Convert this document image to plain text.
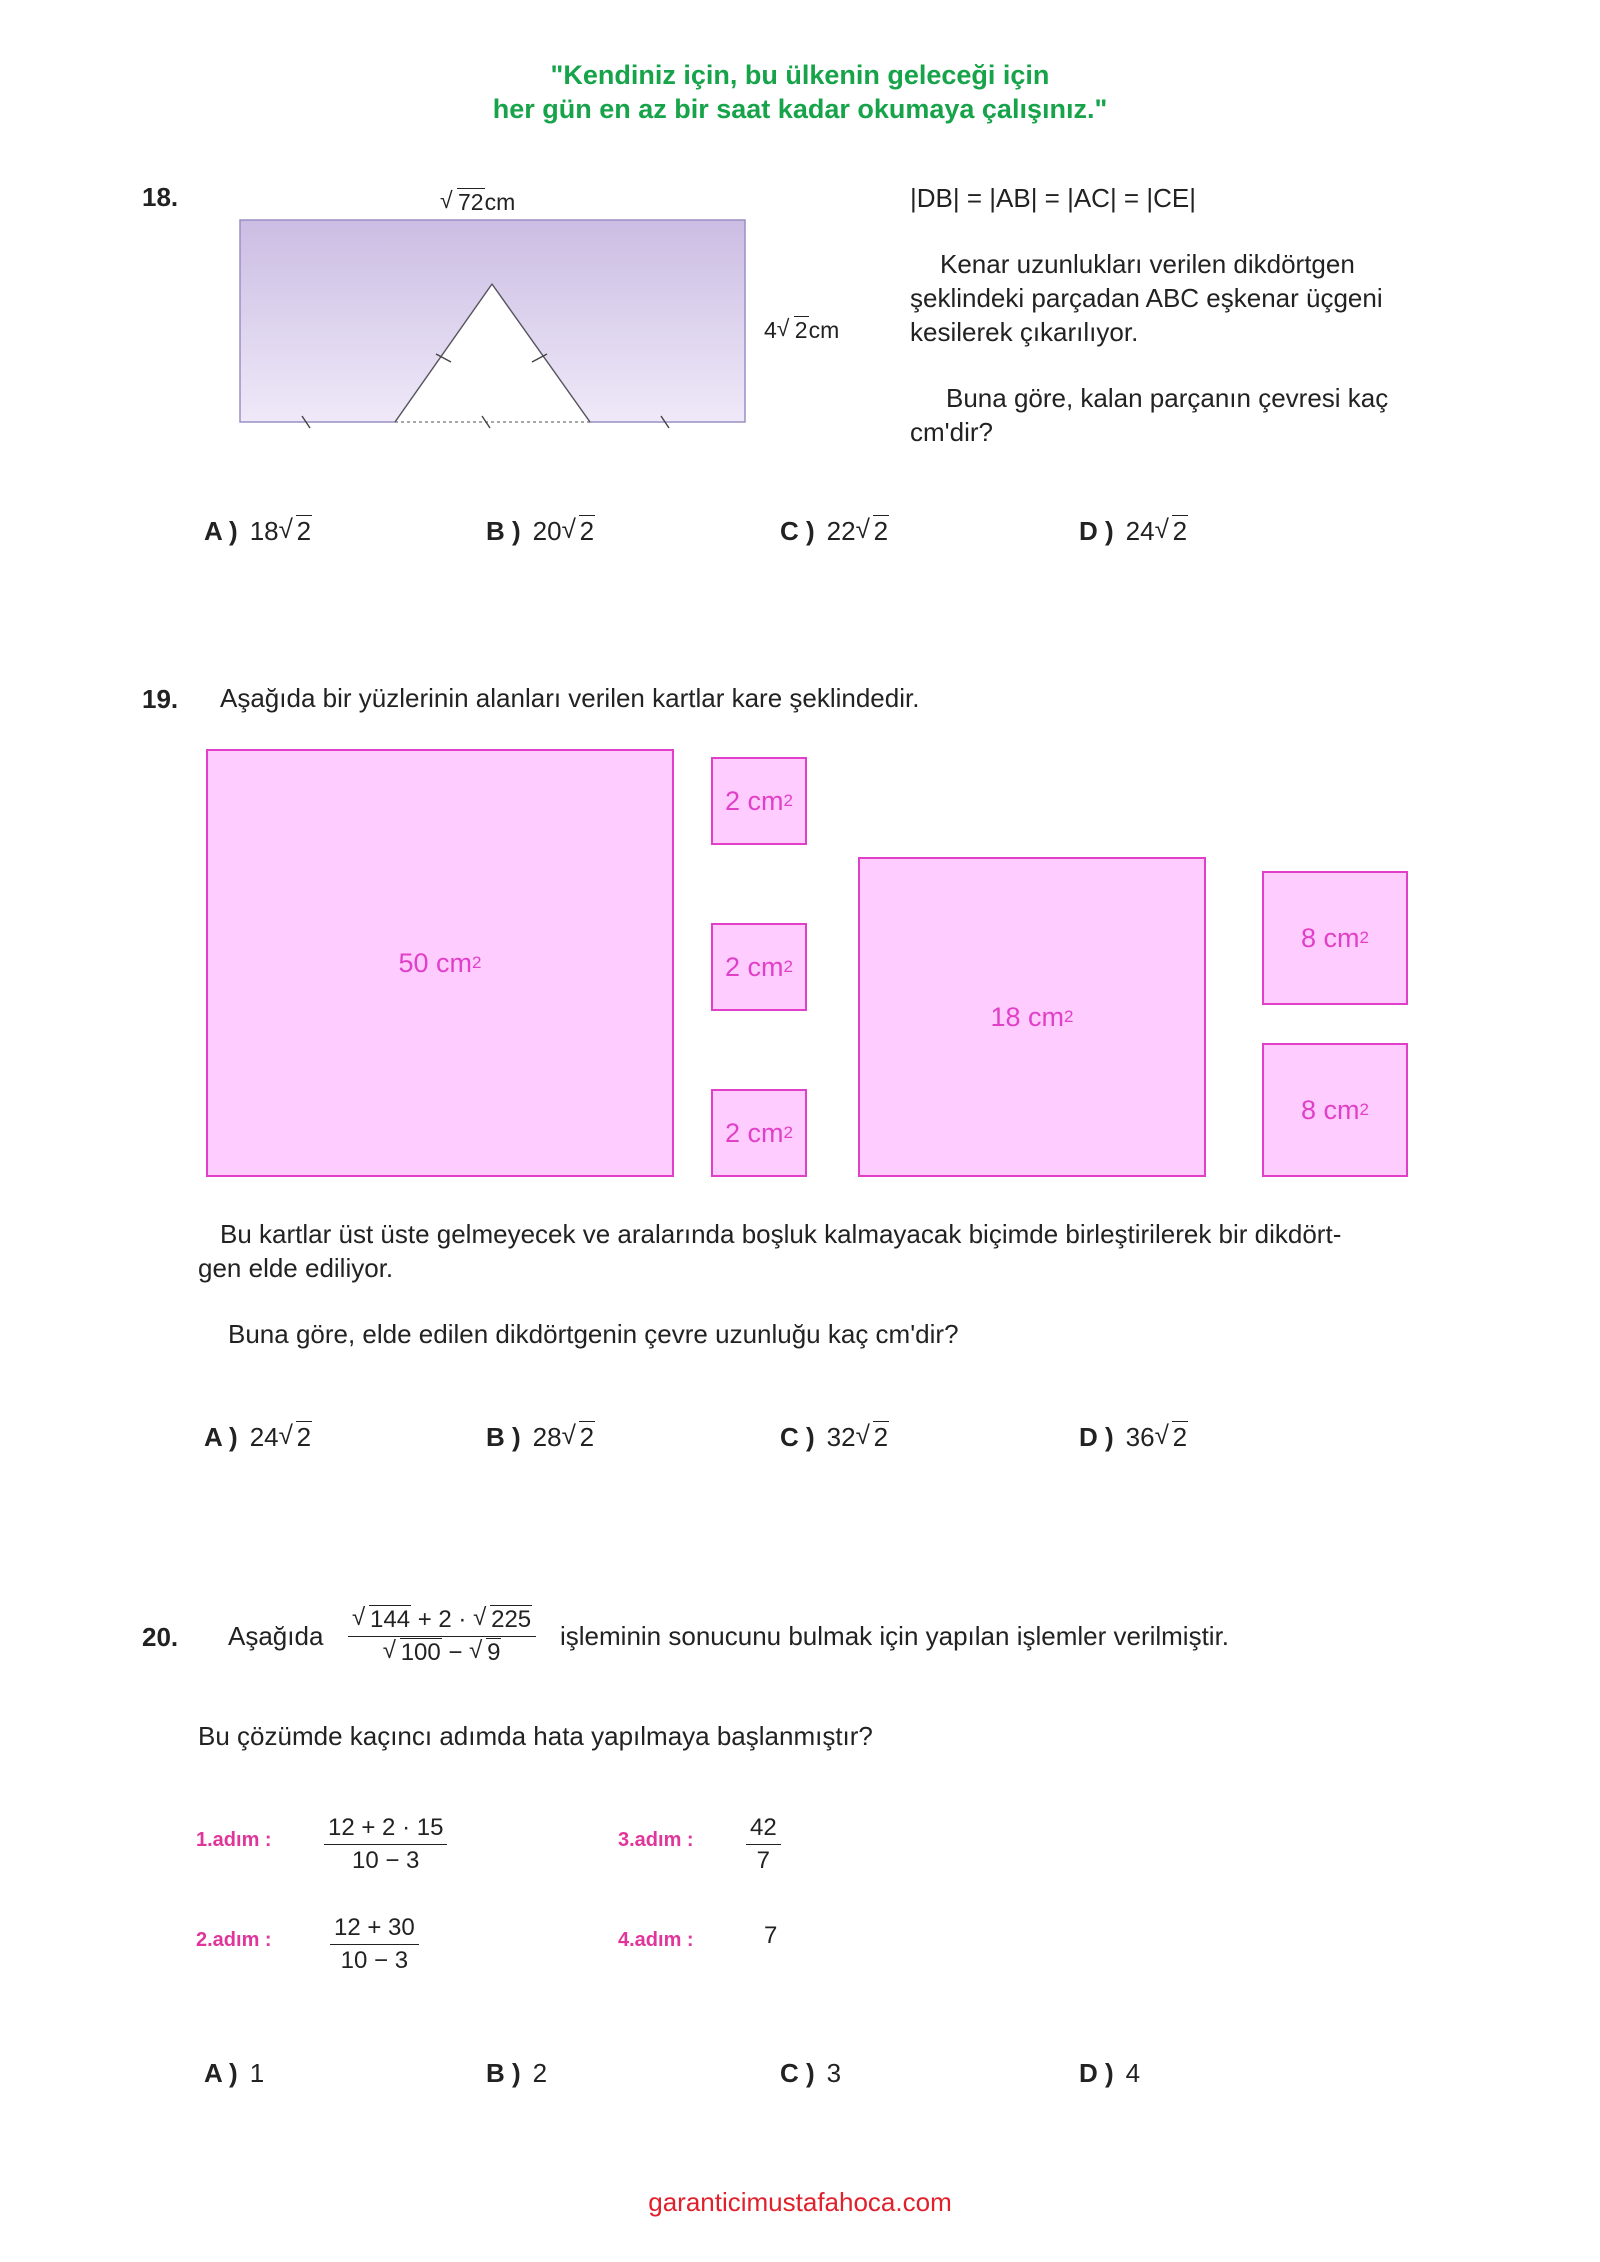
"Kendiniz için, bu ülkenin geleceği için
her gün en az bir saat kadar okumaya çalışınız."
18.	√ 72cm
4 √ 2cm
|DB| = |AB| = |AC| = |CE|
Kenar uzunlukları verilen dikdörtgen şeklindeki parçadan ABC eşkenar üçgeni kesilerek çıkarılıyor.
Buna göre, kalan parçanın çevresi kaç cm'dir?
A ) 18 √ 2	B ) 20 √ 2	C ) 22 √ 2	D ) 24 √ 2
19. Aşağıda bir yüzlerinin alanları verilen kartlar kare şeklindedir.
50 cm 2
2 cm 2
2 cm 2
2 cm 2
18 cm 2
8 cm 2
8 cm 2
Bu kartlar üst üste gelmeyecek ve aralarında boşluk kalmayacak biçimde birleştirilerek bir dikdört-
gen elde ediliyor.
Buna göre, elde edilen dikdörtgenin çevre uzunluğu kaç cm'dir?
A ) 24 √ 2	B ) 28 √ 2	C ) 32 √ 2	D ) 36 √ 2
20. Aşağıda √ 144 + 2 · √ 225
√ 100 − √ 9 işleminin sonucunu bulmak için yapılan işlemler verilmiştir.
Bu çözümde kaçıncı adımda hata yapılmaya başlanmıştır?
1.adım : $\frac{12 + 2 \cdot 15}{10 - 3}$
2.adım : $\frac{12 + 30}{10 - 3}$
3.adım : $\frac{42}{7}$
4.adım :	7
A ) 1	B ) 2	C ) 3	D ) 4
garanticimustafahoca.com
